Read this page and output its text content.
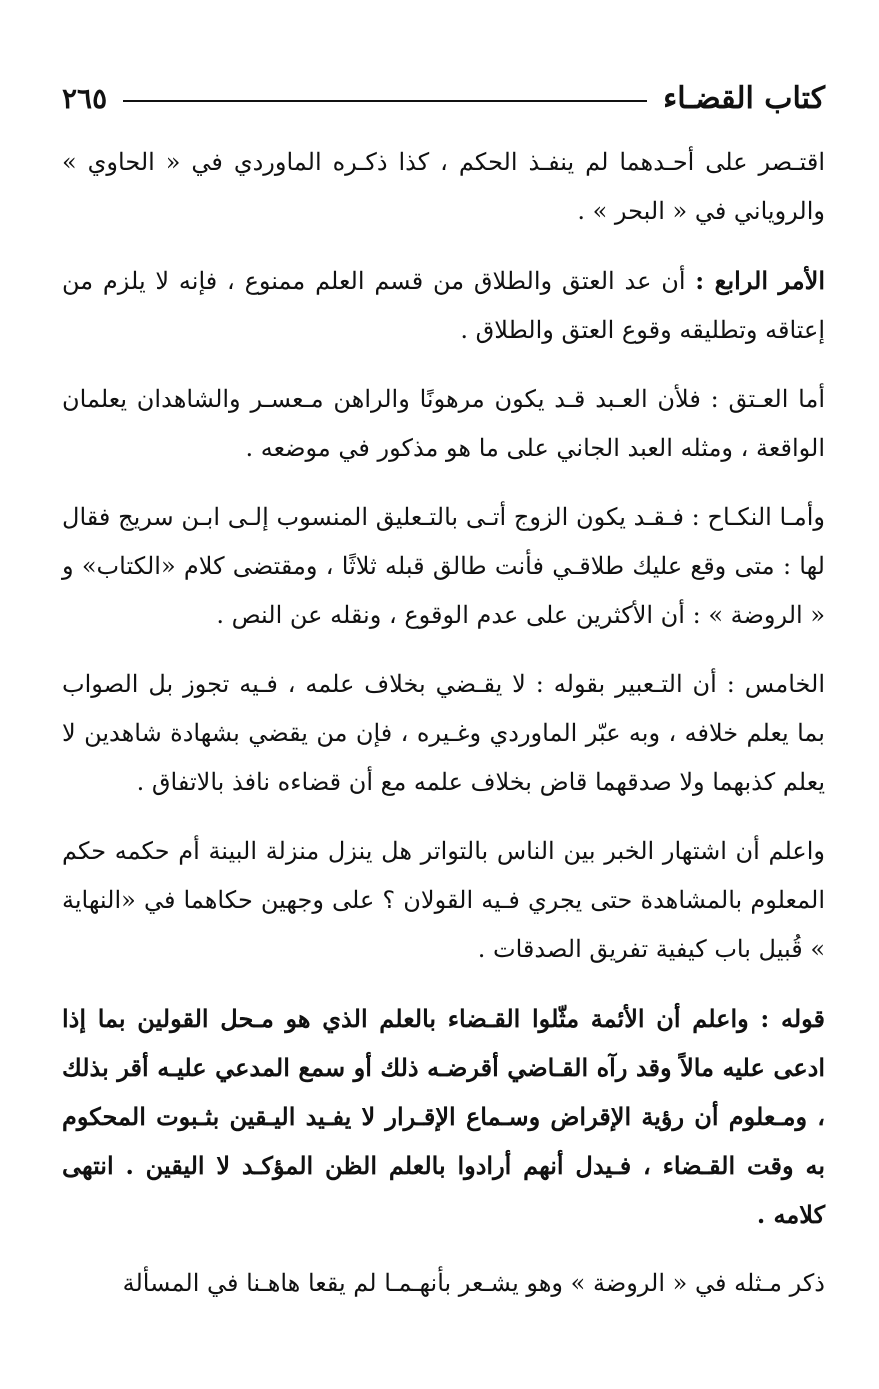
كتاب القضـاء
٢٦٥

اقتـصر على أحـدهما لم ينفـذ الحكم ، كذا ذكـره الماوردي في « الحاوي » والروياني في « البحر » .

الأمر الرابع : أن عد العتق والطلاق من قسم العلم ممنوع ، فإنه لا يلزم من إعتاقه وتطليقه وقوع العتق والطلاق .

أما العـتق : فلأن العـبد قـد يكون مرهونًا والراهن مـعسـر والشاهدان يعلمان الواقعة ، ومثله العبد الجاني على ما هو مذكور في موضعه .

وأمـا النكـاح : فـقـد يكون الزوج أتـى بالتـعليق المنسوب إلـى ابـن سريج فقال لها : متى وقع عليك طلاقـي فأنت طالق قبله ثلاثًا ، ومقتضى كلام «الكتاب» و « الروضة » : أن الأكثرين على عدم الوقوع ، ونقله عن النص .

الخامس : أن التـعبير بقوله : لا يقـضي بخلاف علمه ، فـيه تجوز بل الصواب بما يعلم خلافه ، وبه عبّر الماوردي وغـيره ، فإن من يقضي بشهادة شاهدين لا يعلم كذبهما ولا صدقهما قاض بخلاف علمه مع أن قضاءه نافذ بالاتفاق .

واعلم أن اشتهار الخبر بين الناس بالتواتر هل ينزل منزلة البينة أم حكمه حكم المعلوم بالمشاهدة حتى يجري فـيه القولان ؟ على وجهين حكاهما في «النهاية » قُبيل باب كيفية تفريق الصدقات .

قوله : واعلم أن الأئمة مثّلوا القـضاء بالعلم الذي هو مـحل القولين بما إذا ادعى عليه مالاً وقد رآه القـاضي أقرضـه ذلك أو سمع المدعي عليـه أقر بذلك ، ومـعلوم أن رؤية الإقراض وسـماع الإقـرار لا يفـيد اليـقين بثـبوت المحكوم به وقت القـضاء ، فـيدل أنهم أرادوا بالعلم الظن المؤكـد لا اليقين . انتهى كلامه .

ذكر مـثله في « الروضة » وهو يشـعر بأنهـمـا لم يقعا هاهـنا في المسألة
